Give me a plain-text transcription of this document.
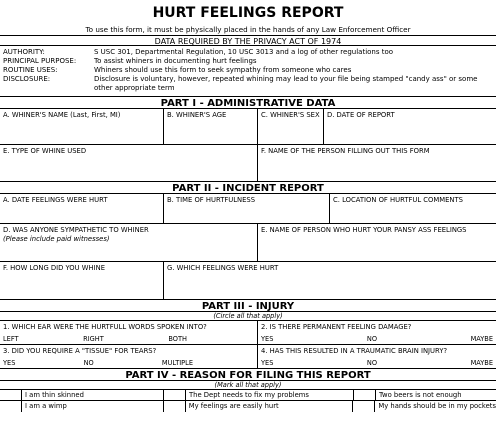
HURT FEELINGS REPORT
To use this form, it must be physically placed in the hands of any Law Enforcement Officer
DATA REQUIRED BY THE PRIVACY ACT OF 1974
AUTHORITY:	S USC 301, Departmental Regulation, 10 USC 3013 and a log of other regulations too
PRINCIPAL PURPOSE:	To assist whiners in documenting hurt feelings
ROUTINE USES:	Whiners should use this form to seek sympathy from someone who cares
DISCLOSURE:	Disclosure is voluntary, however, repeated whining may lead to your file being stamped "candy ass" or some other appropriate term
PART I - ADMINISTRATIVE DATA
A. WHINER'S NAME (Last, First, MI)	B. WHINER'S AGE	C. WHINER'S SEX	D. DATE OF REPORT
E. TYPE OF WHINE USED	F. NAME OF THE PERSON FILLING OUT THIS FORM
PART II - INCIDENT REPORT
A. DATE FEELINGS WERE HURT	B. TIME OF HURTFULNESS	C. LOCATION OF HURTFUL COMMENTS
D. WAS ANYONE SYMPATHETIC TO WHINER
(Please include paid witnesses)
E. NAME OF PERSON WHO HURT YOUR PANSY ASS FEELINGS
F. HOW LONG DID YOU WHINE	G. WHICH FEELINGS WERE HURT
PART III - INJURY
(Circle all that apply)
1. WHICH EAR WERE THE HURTFULL WORDS SPOKEN INTO?
LEFT	RIGHT	BOTH
2. IS THERE PERMANENT FEELING DAMAGE?
YES	NO	MAYBE
3. DID YOU REQUIRE A "TISSUE" FOR TEARS?
YES	NO	MULTIPLE
4. HAS THIS RESULTED IN A TRAUMATIC BRAIN INJURY?
YES	NO	MAYBE
PART IV - REASON FOR FILING THIS REPORT
(Mark all that apply)
I am thin skinned	The Dept needs to fix my problems	Two beers is not enough
I am a wimp	My feelings are easily hurt	My hands should be in my pockets
